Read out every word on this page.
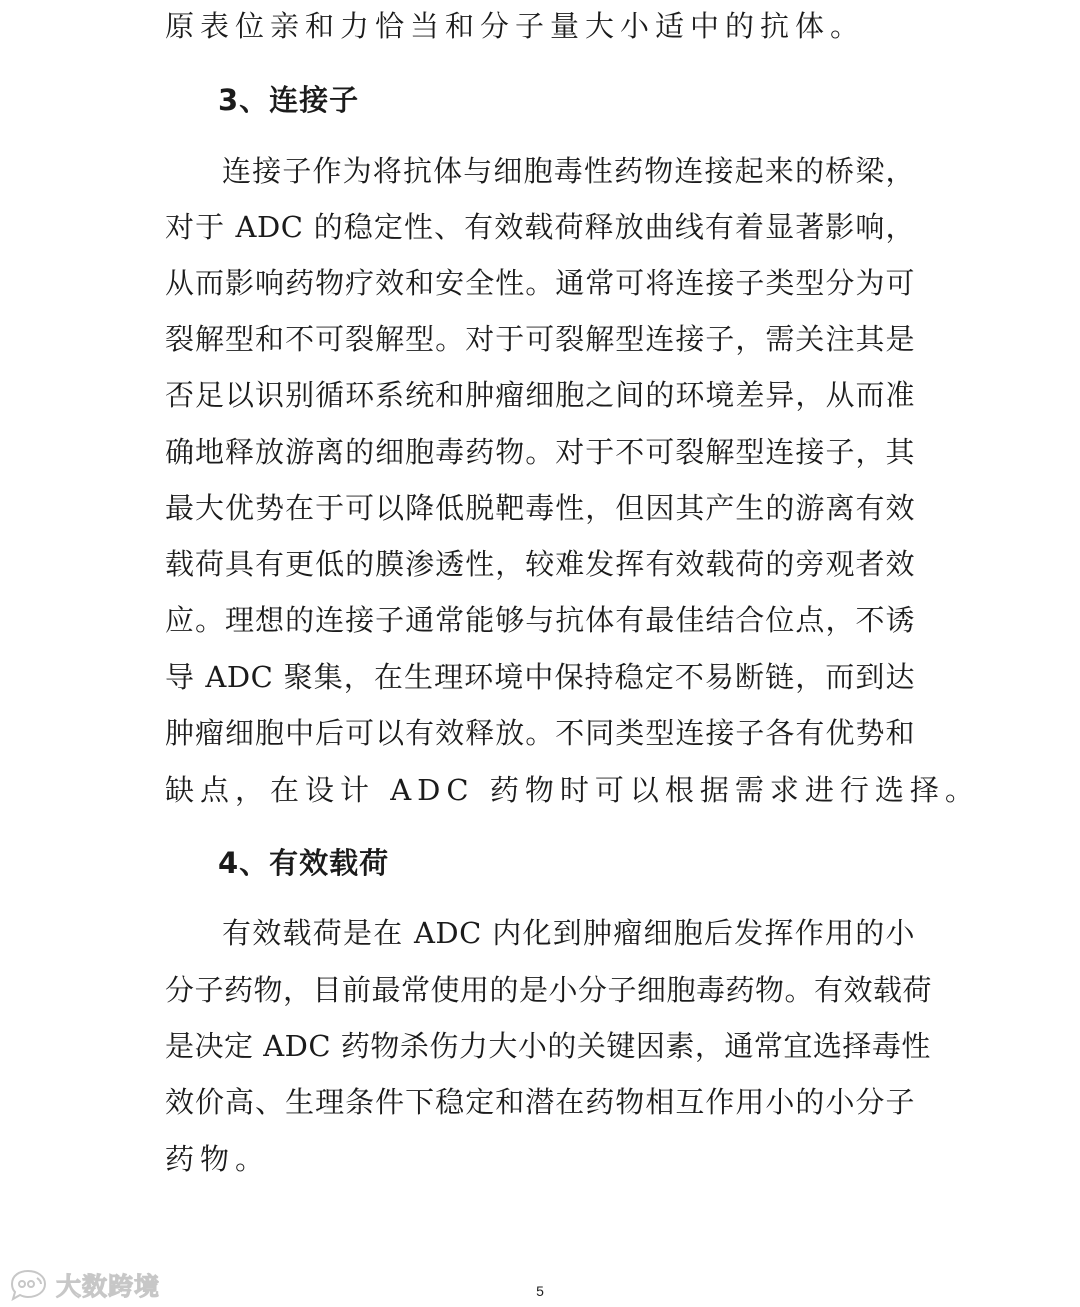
原表位亲和力恰当和分子量大小适中的抗体。
3、连接子
连接子作为将抗体与细胞毒性药物连接起来的桥梁，
对于 ADC 的稳定性、有效载荷释放曲线有着显著影响，
从而影响药物疗效和安全性。通常可将连接子类型分为可
裂解型和不可裂解型。对于可裂解型连接子，需关注其是
否足以识别循环系统和肿瘤细胞之间的环境差异，从而准
确地释放游离的细胞毒药物。对于不可裂解型连接子，其
最大优势在于可以降低脱靶毒性，但因其产生的游离有效
载荷具有更低的膜渗透性，较难发挥有效载荷的旁观者效
应。理想的连接子通常能够与抗体有最佳结合位点，不诱
导 ADC 聚集，在生理环境中保持稳定不易断链，而到达
肿瘤细胞中后可以有效释放。不同类型连接子各有优势和
缺点，在设计 ADC 药物时可以根据需求进行选择。
4、有效载荷
有效载荷是在 ADC 内化到肿瘤细胞后发挥作用的小
分子药物，目前最常使用的是小分子细胞毒药物。有效载荷
是决定 ADC 药物杀伤力大小的关键因素，通常宜选择毒性
效价高、生理条件下稳定和潜在药物相互作用小的小分子
药物。
5
大数跨境
